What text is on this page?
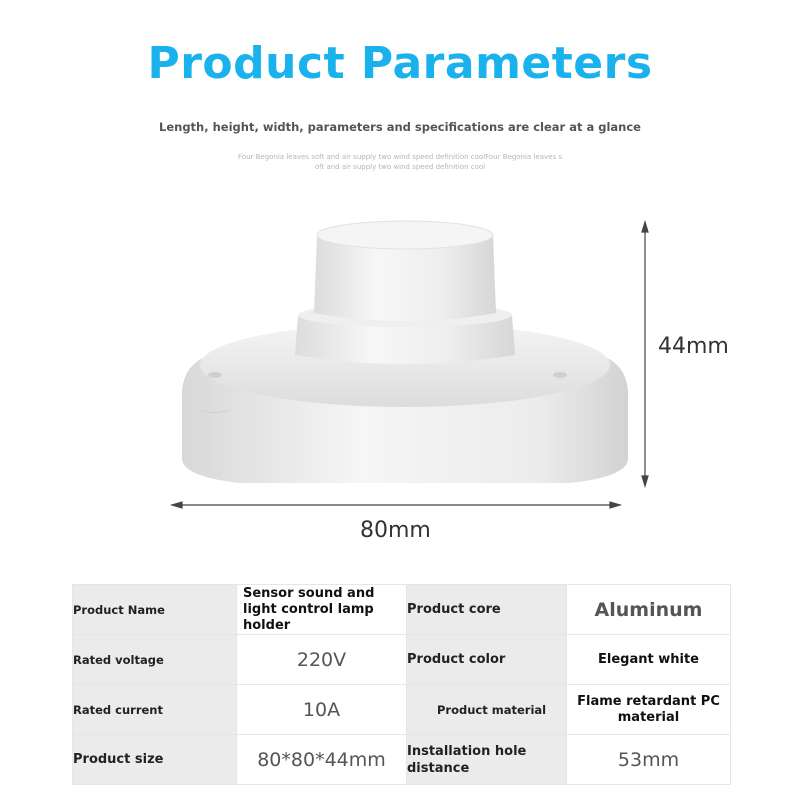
Product Parameters
Length, height, width, parameters and specifications are clear at a glance
Four Begonia leaves soft and air supply two wind speed definition coolFour Begonia leaves s
oft and air supply two wind speed definition cool
44mm
80mm
Product Name	Sensor sound and light control lamp holder	Product core	Aluminum
Rated voltage	220V	Product color	Elegant white
Rated current	10A	Product material	Flame retardant PC material
Product size	80*80*44mm	Installation hole distance	53mm
